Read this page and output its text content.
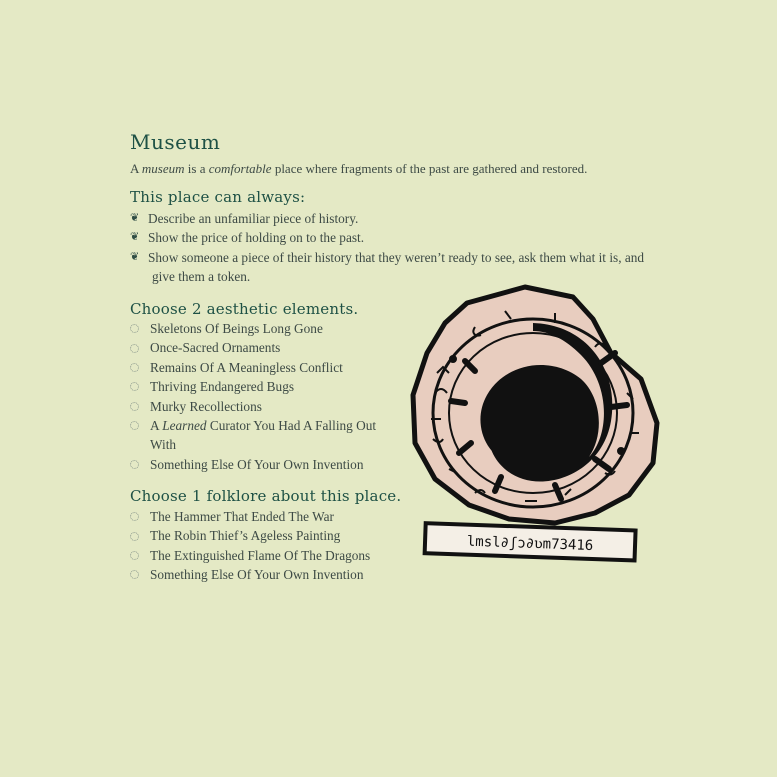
Museum

A museum is a comfortable place where fragments of the past are gathered and restored.

This place can always:
❦ Describe an unfamiliar piece of history.
❦ Show the price of holding on to the past.
❦ Show someone a piece of their history that they weren’t ready to see, ask them what it is, and give them a token.
Choose 2 aesthetic elements.
Skeletons Of Beings Long Gone
Once-Sacred Ornaments
Remains Of A Meaningless Conflict
Thriving Endangered Bugs
Murky Recollections
A Learned Curator You Had A Falling Out With
Something Else Of Your Own Invention
Choose 1 folklore about this place.
The Hammer That Ended The War
The Robin Thief’s Ageless Painting
The Extinguished Flame Of The Dragons
Something Else Of Your Own Invention
lmsl∂ʃɔ∂ʋm73416
